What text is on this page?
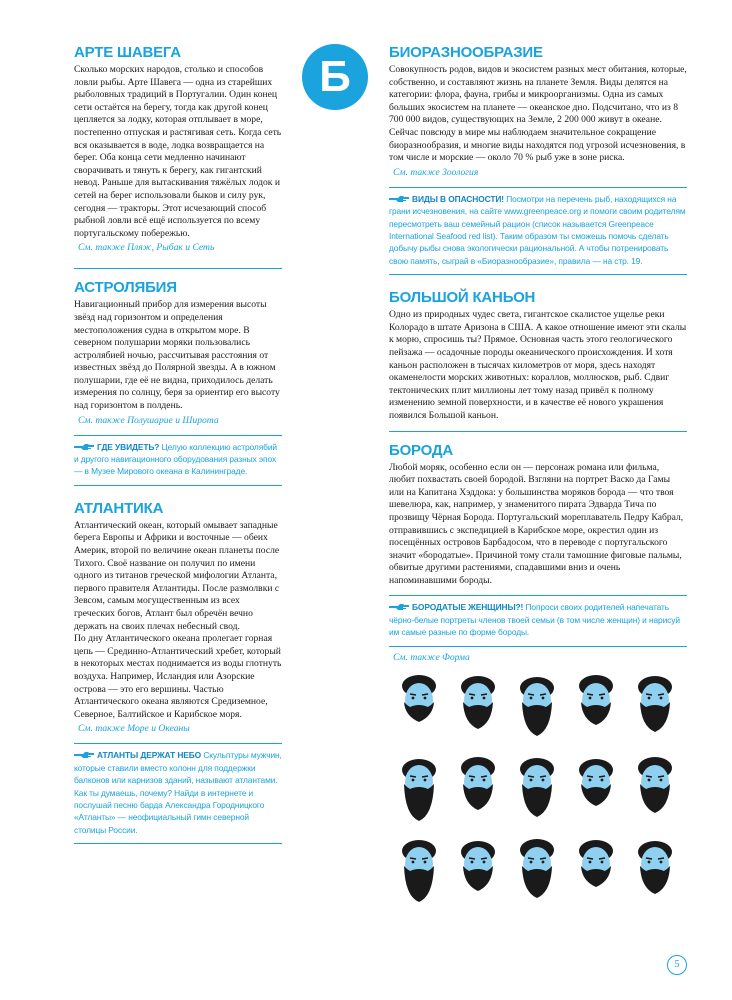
Б
АРТЕ ШАВЕГА

Сколько морских народов, столько и способов ловли рыбы. Арте Шавега — одна из старейших рыболовных традиций в Португалии. Один конец сети остаётся на берегу, тогда как другой конец цепляется за лодку, которая отплывает в море, постепенно отпуская и растягивая сеть. Когда сеть вся оказывается в воде, лодка возвращается на берег. Оба конца сети медленно начинают сворачивать и тянуть к берегу, как гигантский невод. Раньше для вытаскивания тяжёлых лодок и сетей на берег использовали быков и силу рук, сегодня — тракторы. Этот исчезающий способ рыбной ловли всё ещё используется по всему португальскому побережью.

См. также Пляж, Рыбак и Сеть

АСТРОЛЯБИЯ

Навигационный прибор для измерения высоты звёзд над горизонтом и определения местоположения судна в открытом море. В северном полушарии моряки пользовались астролябией ночью, рассчитывая расстояния от известных звёзд до Полярной звезды. А в южном полушарии, где её не видна, приходилось делать измерения по солнцу, беря за ориентир его высоту над горизонтом в полдень.

См. также Полушарие и Широта

ГДЕ УВИДЕТЬ? Целую коллекцию астролябий и другого навигационного оборудования разных эпох — в Музее Мирового океана в Калининграде.
АТЛАНТИКА

Атлантический океан, который омывает западные берега Европы и Африки и восточные — обеих Америк, второй по величине океан планеты после Тихого. Своё название он получил по имени одного из титанов греческой мифологии Атланта, первого правителя Атлантиды. После размолвки с Зевсом, самым могущественным из всех греческих богов, Атлант был обречён вечно держать на своих плечах небесный свод.

По дну Атлантического океана пролегает горная цепь — Срединно-Атлантический хребет, который в некоторых местах поднимается из воды глотнуть воздуха. Например, Исландия или Азорские острова — это его вершины. Частью Атлантического океана являются Средиземное, Северное, Балтийское и Карибское моря.

См. также Море и Океаны

АТЛАНТЫ ДЕРЖАТ НЕБО Скульптуры мужчин, которые ставили вместо колонн для поддержки балконов или карнизов зданий, называют атлантами. Как ты думаешь, почему? Найди в интернете и послушай песню барда Александра Городницкого «Атланты» — неофициальный гимн северной столицы России.
БИОРАЗНООБРАЗИЕ

Совокупность родов, видов и экосистем разных мест обитания, которые, собственно, и составляют жизнь на планете Земля. Виды делятся на категории: флора, фауна, грибы и микроорганизмы. Одна из самых больших экосистем на планете — океанское дно. Подсчитано, что из 8 700 000 видов, существующих на Земле, 2 200 000 живут в океане. Сейчас повсюду в мире мы наблюдаем значительное сокращение биоразнообразия, и многие виды находятся под угрозой исчезновения, в том числе и морские — около 70 % рыб уже в зоне риска.

См. также Зоология

ВИДЫ В ОПАСНОСТИ! Посмотри на перечень рыб, находящихся на грани исчезновения, на сайте www.greenpeace.org и помоги своим родителям пересмотреть ваш семейный рацион (список называется Greenpeace International Seafood red list). Таким образом ты сможешь помочь сделать добычу рыбы снова экологически рациональной. А чтобы потренировать свою память, сыграй в «Биоразнообразие», правила — на стр. 19.
БОЛЬШОЙ КАНЬОН

Одно из природных чудес света, гигантское скалистое ущелье реки Колорадо в штате Аризона в США. А какое отношение имеют эти скалы к морю, спросишь ты? Прямое. Основная часть этого геологического пейзажа — осадочные породы океанического происхождения. И хотя каньон расположен в тысячах километров от моря, здесь находят окаменелости морских животных: кораллов, моллюсков, рыб. Сдвиг тектонических плит миллионы лет тому назад привёл к полному изменению земной поверхности, и в качестве её нового украшения появился Большой каньон.

БОРОДА

Любой моряк, особенно если он — персонаж романа или фильма, любит похвастать своей бородой. Взгляни на портрет Васко да Гамы или на Капитана Хэддока: у большинства моряков борода — что твоя шевелюра, как, например, у знаменитого пирата Эдварда Тича по прозвищу Чёрная Борода. Португальский мореплаватель Педру Кабрал, отправившись с экспедицией в Карибское море, окрестил один из посещённых островов Барбадосом, что в переводе с португальского значит «бородатые». Причиной тому стали тамошние фиговые пальмы, обвитые другими растениями, спадавшими вниз и очень напоминавшими бороды.

БОРОДАТЫЕ ЖЕНЩИНЫ?! Попроси своих родителей напечатать чёрно-белые портреты членов твоей семьи (в том числе женщин) и нарисуй им самые разные по форме бороды.

См. также Форма

5
